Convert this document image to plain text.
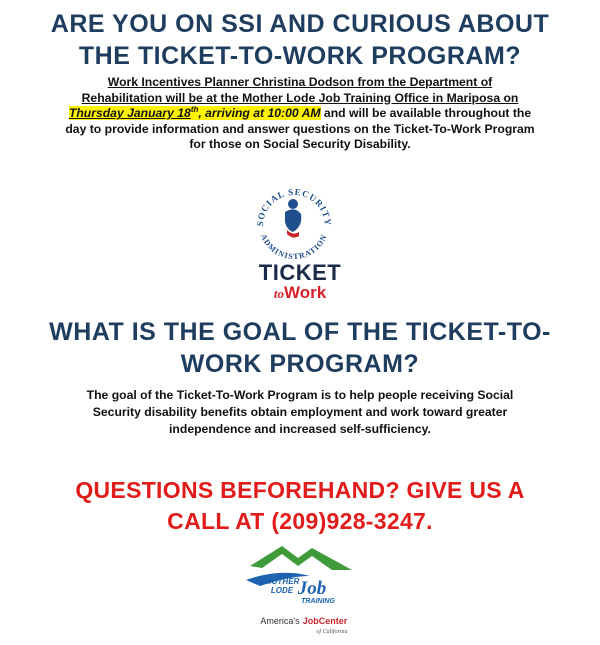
ARE YOU ON SSI AND CURIOUS ABOUT
THE TICKET-TO-WORK PROGRAM?
Work Incentives Planner Christina Dodson from the Department of
Rehabilitation will be at the Mother Lode Job Training Office in Mariposa on
Thursday January 18th, arriving at 10:00 AM and will be available throughout the day to provide information and answer questions on the Ticket-To-Work Program for those on Social Security Disability.
SOCIAL SECURITY
ADMINISTRATION
TICKET
toWork
WHAT IS THE GOAL OF THE TICKET-TO-
WORK PROGRAM?
The goal of the Ticket-To-Work Program is to help people receiving Social Security disability benefits obtain employment and work toward greater independence and increased self-sufficiency.
QUESTIONS BEFOREHAND? GIVE US A
CALL AT (209)928-3247.
MOTHER
LODE Job
TRAINING
America's JobCenter
of California
